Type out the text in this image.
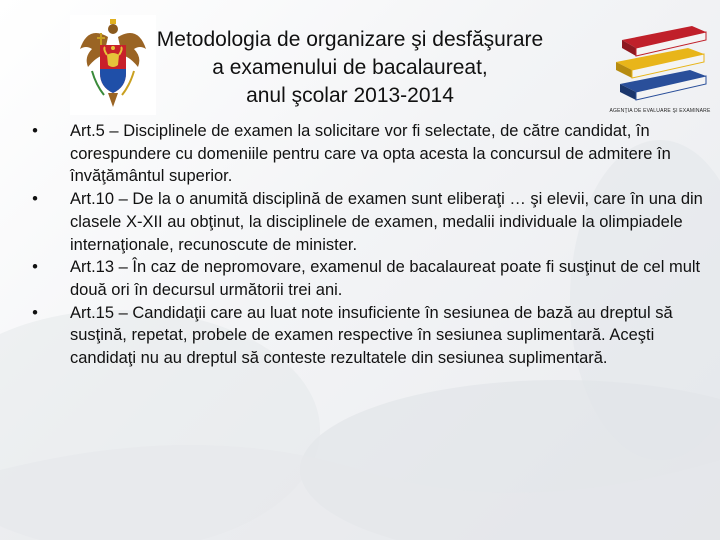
Metodologia de organizare şi desfăşurare
a examenului de bacalaureat,
anul şcolar 2013-2014
AGENŢIA DE EVALUARE ŞI EXAMINARE
• Art.5 – Disciplinele de examen la solicitare vor fi selectate, de către candidat, în corespundere cu domeniile pentru care va opta acesta la concursul de admitere în învăţământul superior.
• Art.10 – De la o anumită disciplină de examen sunt eliberaţi … şi elevii, care în una din clasele X-XII au obţinut, la disciplinele de examen, medalii individuale la olimpiadele internaţionale, recunoscute de minister.
• Art.13 – În caz de nepromovare, examenul de bacalaureat poate fi susţinut de cel mult două ori în decursul următorii trei ani.
• Art.15 – Candidaţii care au luat note insuficiente în sesiunea de bază au dreptul să susţină, repetat, probele de examen respective în sesiunea suplimentară. Aceşti candidaţi nu au dreptul să conteste rezultatele din sesiunea suplimentară.
